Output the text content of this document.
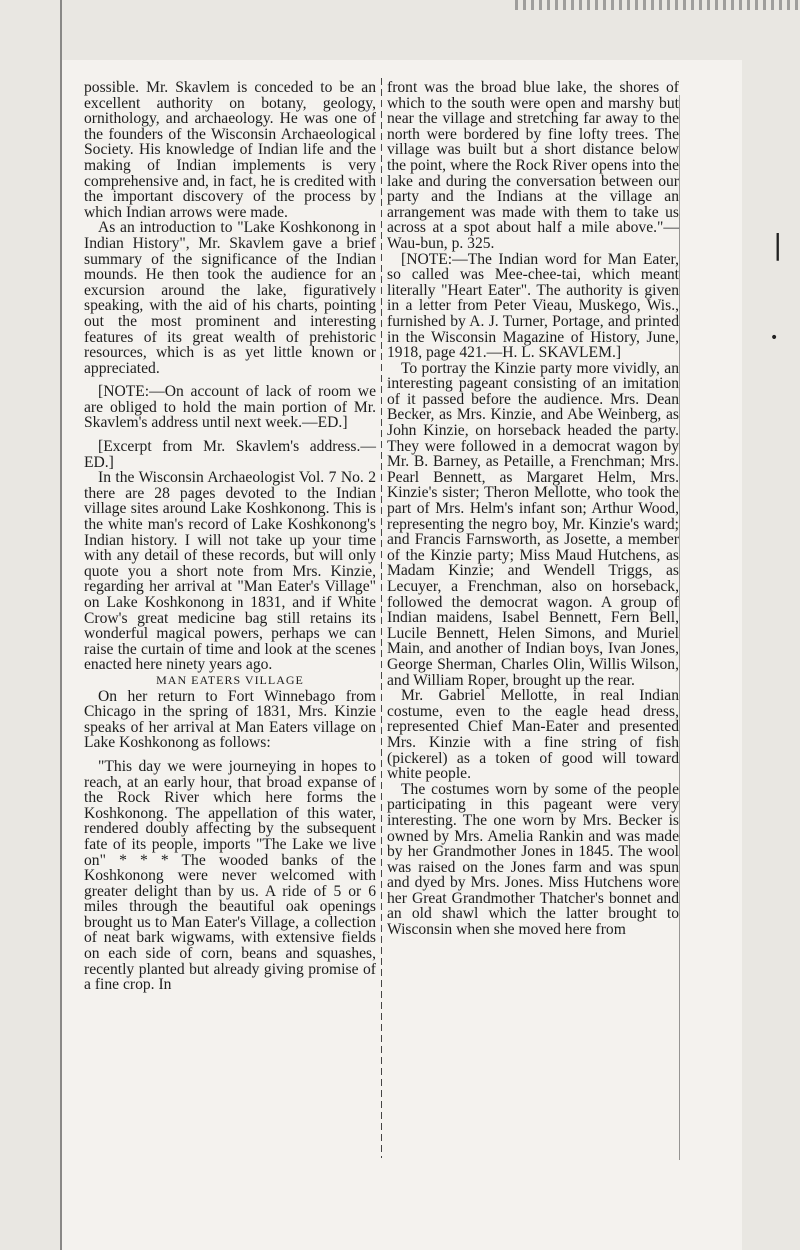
|
•

possible. Mr. Skavlem is conceded to be an excellent authority on botany, geology, ornithology, and archaeology. He was one of the founders of the Wisconsin Archaeological Society. His knowledge of Indian life and the making of Indian implements is very comprehensive and, in fact, he is credited with the important discovery of the process by which Indian arrows were made.

As an introduction to "Lake Koshkonong in Indian History", Mr. Skavlem gave a brief summary of the significance of the Indian mounds. He then took the audience for an excursion around the lake, figuratively speaking, with the aid of his charts, pointing out the most prominent and interesting features of its great wealth of prehistoric resources, which is as yet little known or appreciated.

[NOTE:—On account of lack of room we are obliged to hold the main portion of Mr. Skavlem's address until next week.—ED.]

[Excerpt from Mr. Skavlem's address.—ED.]

In the Wisconsin Archaeologist Vol. 7 No. 2 there are 28 pages devoted to the Indian village sites around Lake Koshkonong. This is the white man's record of Lake Koshkonong's Indian history. I will not take up your time with any detail of these records, but will only quote you a short note from Mrs. Kinzie, regarding her arrival at "Man Eater's Village" on Lake Koshkonong in 1831, and if White Crow's great medicine bag still retains its wonderful magical powers, perhaps we can raise the curtain of time and look at the scenes enacted here ninety years ago.

MAN EATERS VILLAGE

On her return to Fort Winnebago from Chicago in the spring of 1831, Mrs. Kinzie speaks of her arrival at Man Eaters village on Lake Koshkonong as follows:

"This day we were journeying in hopes to reach, at an early hour, that broad expanse of the Rock River which here forms the Koshkonong. The appellation of this water, rendered doubly affecting by the subsequent fate of its people, imports "The Lake we live on" * * * The wooded banks of the Koshkonong were never welcomed with greater delight than by us. A ride of 5 or 6 miles through the beautiful oak openings brought us to Man Eater's Village, a collection of neat bark wigwams, with extensive fields on each side of corn, beans and squashes, recently planted but already giving promise of a fine crop. In

front was the broad blue lake, the shores of which to the south were open and marshy but near the village and stretching far away to the north were bordered by fine lofty trees. The village was built but a short distance below the point, where the Rock River opens into the lake and during the conversation between our party and the Indians at the village an arrangement was made with them to take us across at a spot about half a mile above."—Wau-bun, p. 325.

[NOTE:—The Indian word for Man Eater, so called was Mee-chee-tai, which meant literally "Heart Eater". The authority is given in a letter from Peter Vieau, Muskego, Wis., furnished by A. J. Turner, Portage, and printed in the Wisconsin Magazine of History, June, 1918, page 421.—H. L. SKAVLEM.]

To portray the Kinzie party more vividly, an interesting pageant consisting of an imitation of it passed before the audience. Mrs. Dean Becker, as Mrs. Kinzie, and Abe Weinberg, as John Kinzie, on horseback headed the party. They were followed in a democrat wagon by Mr. B. Barney, as Petaille, a Frenchman; Mrs. Pearl Bennett, as Margaret Helm, Mrs. Kinzie's sister; Theron Mellotte, who took the part of Mrs. Helm's infant son; Arthur Wood, representing the negro boy, Mr. Kinzie's ward; and Francis Farnsworth, as Josette, a member of the Kinzie party; Miss Maud Hutchens, as Madam Kinzie; and Wendell Triggs, as Lecuyer, a Frenchman, also on horseback, followed the democrat wagon. A group of Indian maidens, Isabel Bennett, Fern Bell, Lucile Bennett, Helen Simons, and Muriel Main, and another of Indian boys, Ivan Jones, George Sherman, Charles Olin, Willis Wilson, and William Roper, brought up the rear.

Mr. Gabriel Mellotte, in real Indian costume, even to the eagle head dress, represented Chief Man-Eater and presented Mrs. Kinzie with a fine string of fish (pickerel) as a token of good will toward white people.

The costumes worn by some of the people participating in this pageant were very interesting. The one worn by Mrs. Becker is owned by Mrs. Amelia Rankin and was made by her Grandmother Jones in 1845. The wool was raised on the Jones farm and was spun and dyed by Mrs. Jones. Miss Hutchens wore her Great Grandmother Thatcher's bonnet and an old shawl which the latter brought to Wisconsin when she moved here from
